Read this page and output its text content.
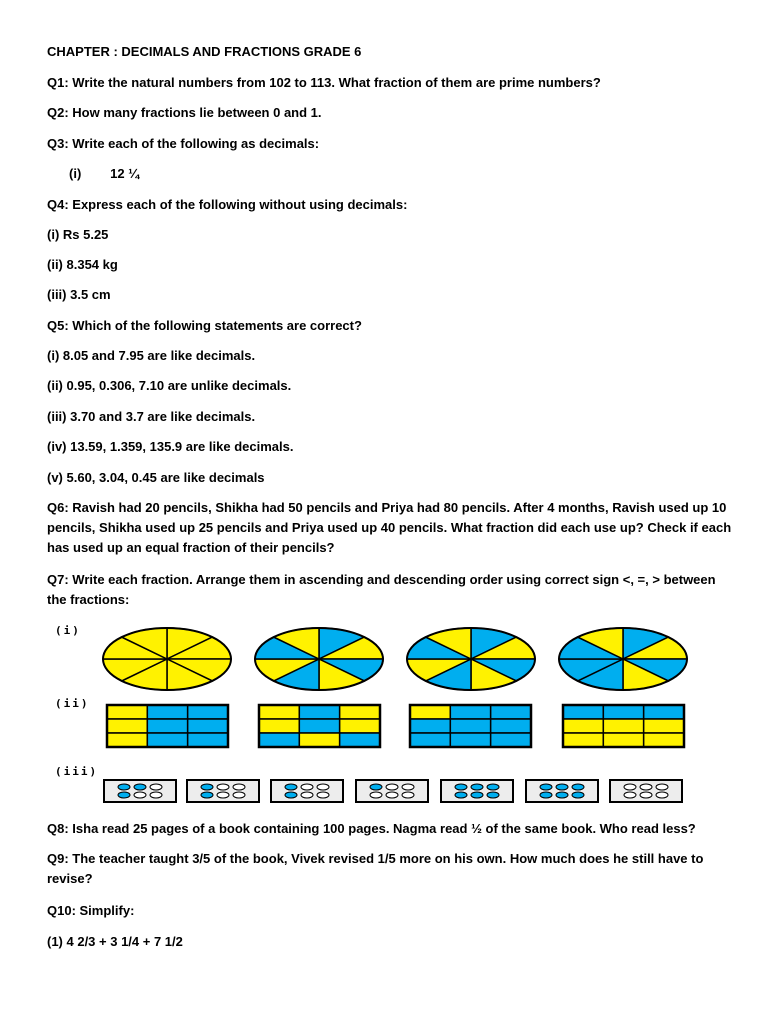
CHAPTER : DECIMALS AND FRACTIONS GRADE 6
Q1: Write the natural numbers from 102 to 113. What fraction of them are prime numbers?
Q2: How many fractions lie between 0 and 1.
Q3: Write each of the following as decimals:
(i)        12 ¼
Q4: Express each of the following without using decimals:
(i) Rs 5.25
(ii) 8.354 kg
(iii) 3.5 cm
Q5: Which of the following statements are correct?
(i) 8.05 and 7.95 are like decimals.
(ii) 0.95, 0.306, 7.10 are unlike decimals.
(iii) 3.70 and 3.7 are like decimals.
(iv) 13.59, 1.359, 135.9 are like decimals.
(v) 5.60, 3.04, 0.45 are like decimals
Q6: Ravish had 20 pencils, Shikha had 50 pencils and Priya had 80 pencils. After 4 months, Ravish used up 10 pencils, Shikha used up 25 pencils and Priya used up 40 pencils. What fraction did each use up? Check if each has used up an equal fraction of their pencils?
Q7: Write each fraction. Arrange them in ascending and descending order using correct sign <, =, > between the fractions:
(i)
(ii)
(iii)
Q8: Isha read 25 pages of a book containing 100 pages. Nagma read ½ of the same book. Who read less?
Q9: The teacher taught 3/5 of the book, Vivek revised 1/5 more on his own. How much does he still have to revise?
Q10: Simplify:
(1) 4 2/3 + 3 1/4 + 7 1/2
